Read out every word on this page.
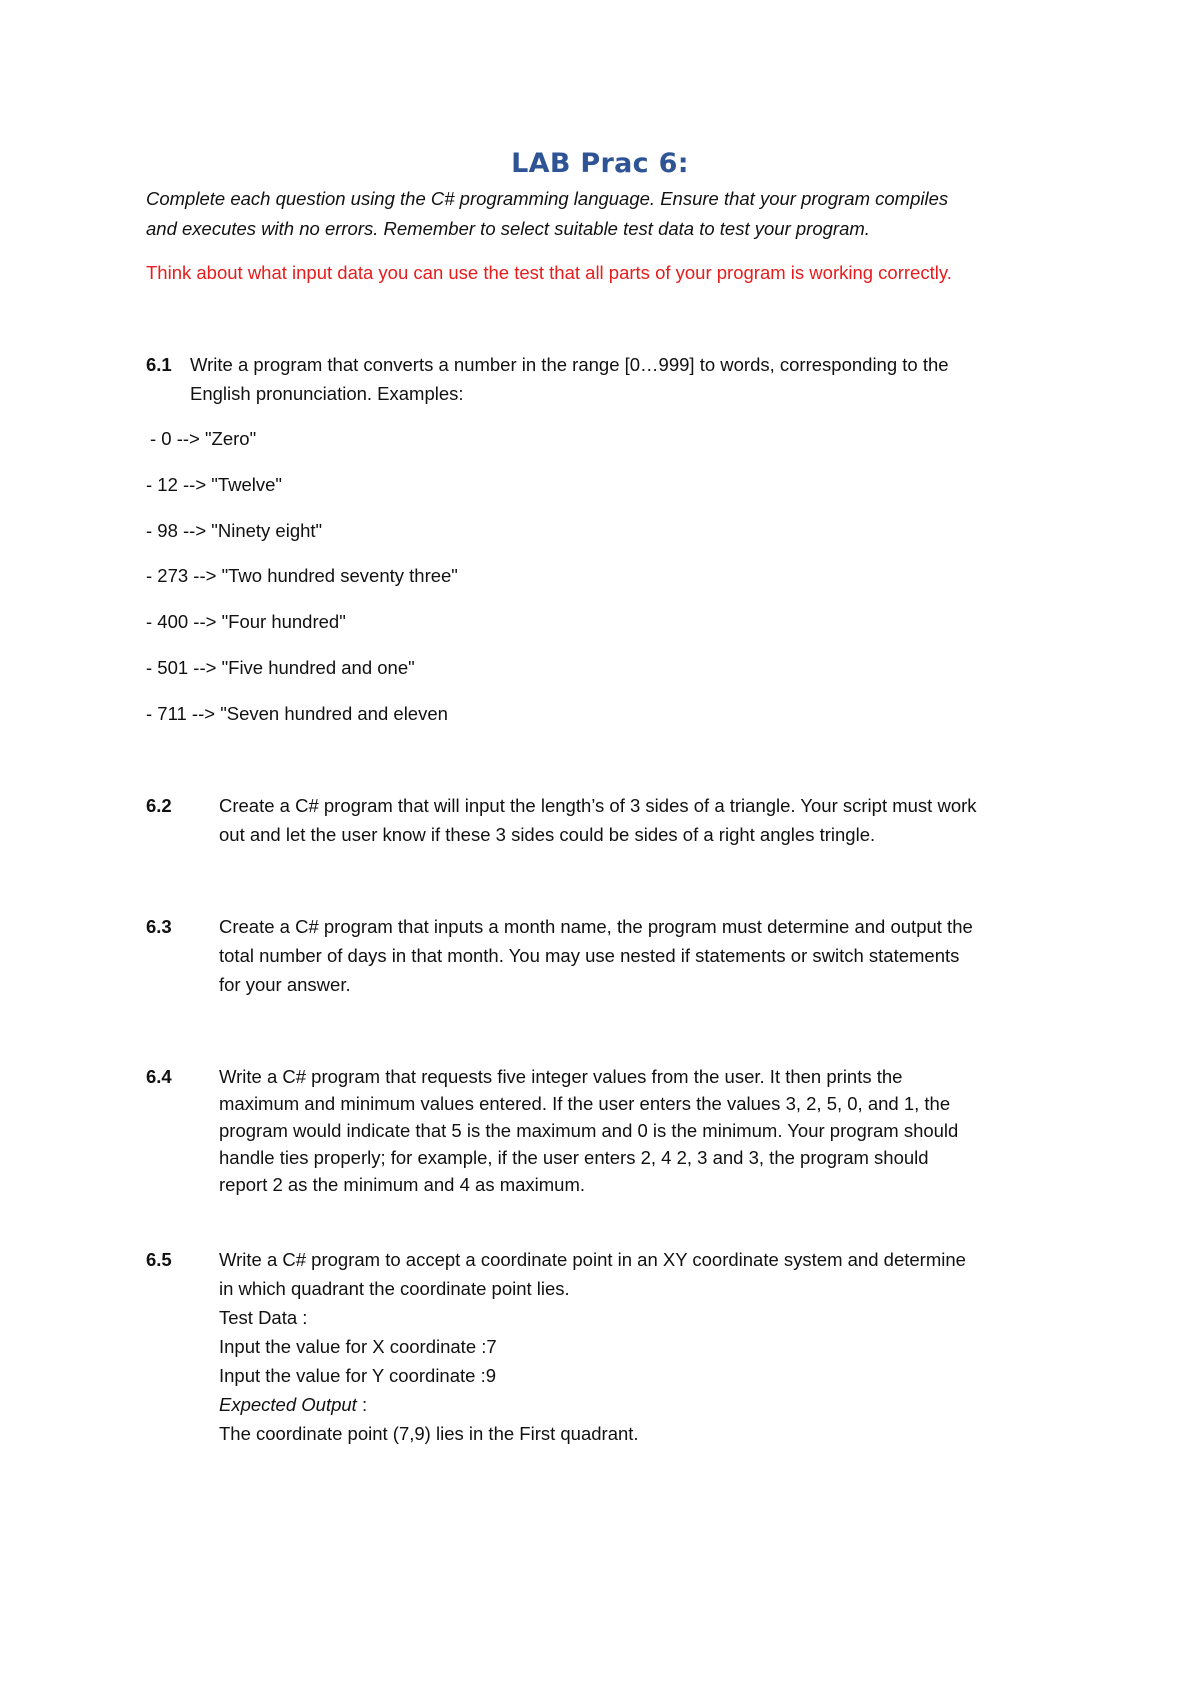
LAB Prac 6:
Complete each question using the C# programming language. Ensure that your program compiles
and executes with no errors. Remember to select suitable test data to test your program.
Think about what input data you can use the test that all parts of your program is working correctly.
6.1 Write a program that converts a number in the range [0…999] to words, corresponding to the
English pronunciation. Examples:
- 0 --> "Zero"
- 12 --> "Twelve"
- 98 --> "Ninety eight"
- 273 --> "Two hundred seventy three"
- 400 --> "Four hundred"
- 501 --> "Five hundred and one"
- 711 --> "Seven hundred and eleven
6.2	Create a C# program that will input the length’s of 3 sides of a triangle. Your script must work
out and let the user know if these 3 sides could be sides of a right angles tringle.
6.3	Create a C# program that inputs a month name, the program must determine and output the
total number of days in that month. You may use nested if statements or switch statements
for your answer.
6.4	Write a C# program that requests five integer values from the user. It then prints the
maximum and minimum values entered. If the user enters the values 3, 2, 5, 0, and 1, the
program would indicate that 5 is the maximum and 0 is the minimum. Your program should
handle ties properly; for example, if the user enters 2, 4 2, 3 and 3, the program should
report 2 as the minimum and 4 as maximum.
6.5	Write a C# program to accept a coordinate point in an XY coordinate system and determine
in which quadrant the coordinate point lies.
Test Data :
Input the value for X coordinate :7
Input the value for Y coordinate :9
Expected Output :
The coordinate point (7,9) lies in the First quadrant.
